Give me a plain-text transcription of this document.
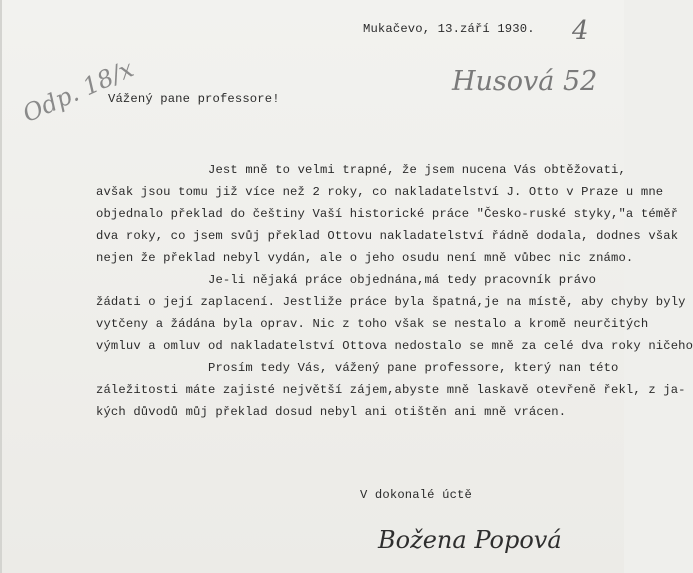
Mukačevo, 13.září 1930. 4
Odp. 18/x	Husová 52
Vážený pane professore!
Jest mně to velmi trapné, že jsem nucena Vás obtěžovati,
avšak jsou tomu již více než 2 roky, co nakladatelství J. Otto v Praze u mne
objednalo překlad do češtiny Vaší historické práce "Česko-ruské styky,"a téměř
dva roky, co jsem svůj překlad Ottovu nakladatelství řádně dodala, dodnes však
nejen že překlad nebyl vydán, ale o jeho osudu není mně vůbec nic známo.
Je-li nějaká práce objednána,má tedy pracovník právo
žádati o její zaplacení. Jestliže práce byla špatná,je na místě, aby chyby byly
vytčeny a žádána byla oprav. Nic z toho však se nestalo a kromě neurčitých
výmluv a omluv od nakladatelství Ottova nedostalo se mně za celé dva roky ničeho
Prosím tedy Vás, vážený pane professore, který nan této
záležitosti máte zajisté největší zájem,abyste mně laskavě otevřeně řekl, z ja-
kých důvodů můj překlad dosud nebyl ani otištěn ani mně vrácen.
V dokonalé úctě
Božena Popová
